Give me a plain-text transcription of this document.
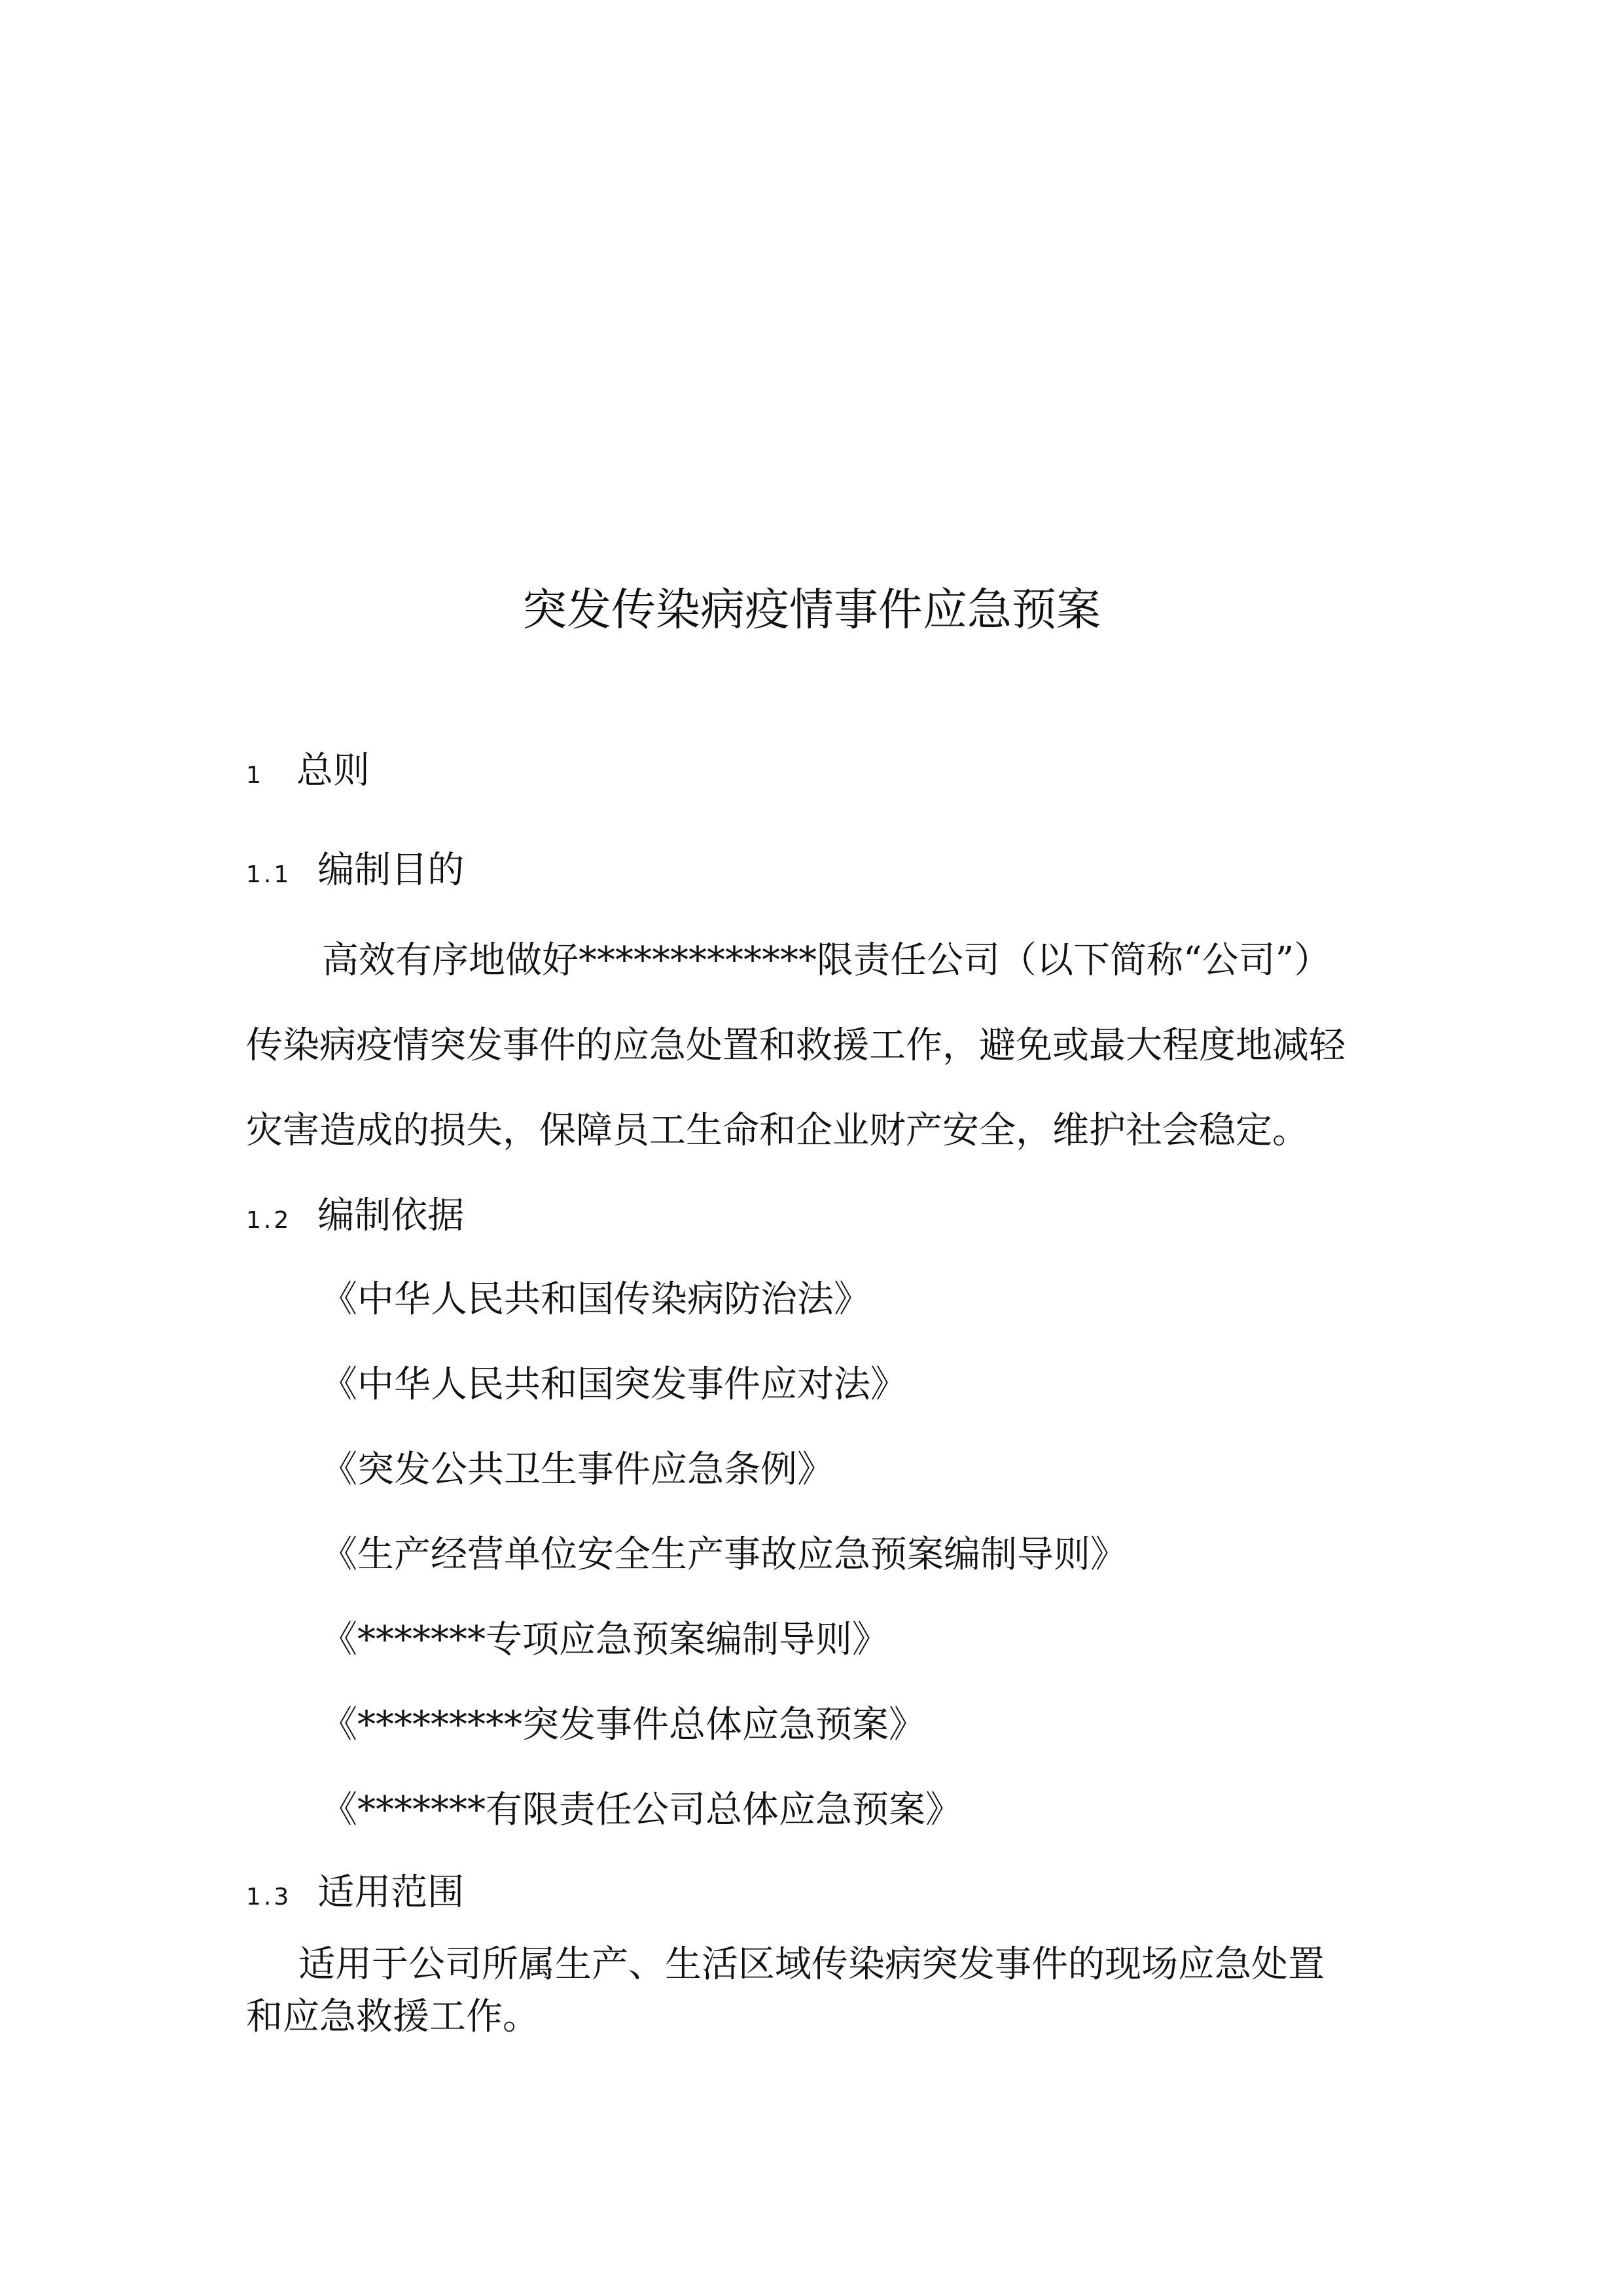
突发传染病疫情事件应急预案
1 总则
1.1 编制目的
高效有序地做好*************限责任公司（以下简称“公司”）
传染病疫情突发事件的应急处置和救援工作，避免或最大程度地减轻
灾害造成的损失，保障员工生命和企业财产安全，维护社会稳定。
1.2 编制依据
《中华人民共和国传染病防治法》
《中华人民共和国突发事件应对法》
《突发公共卫生事件应急条例》
《生产经营单位安全生产事故应急预案编制导则》
《*******专项应急预案编制导则》
《*********突发事件总体应急预案》
《*******有限责任公司总体应急预案》
1.3 适用范围
适用于公司所属生产、生活区域传染病突发事件的现场应急处置
和应急救援工作。
